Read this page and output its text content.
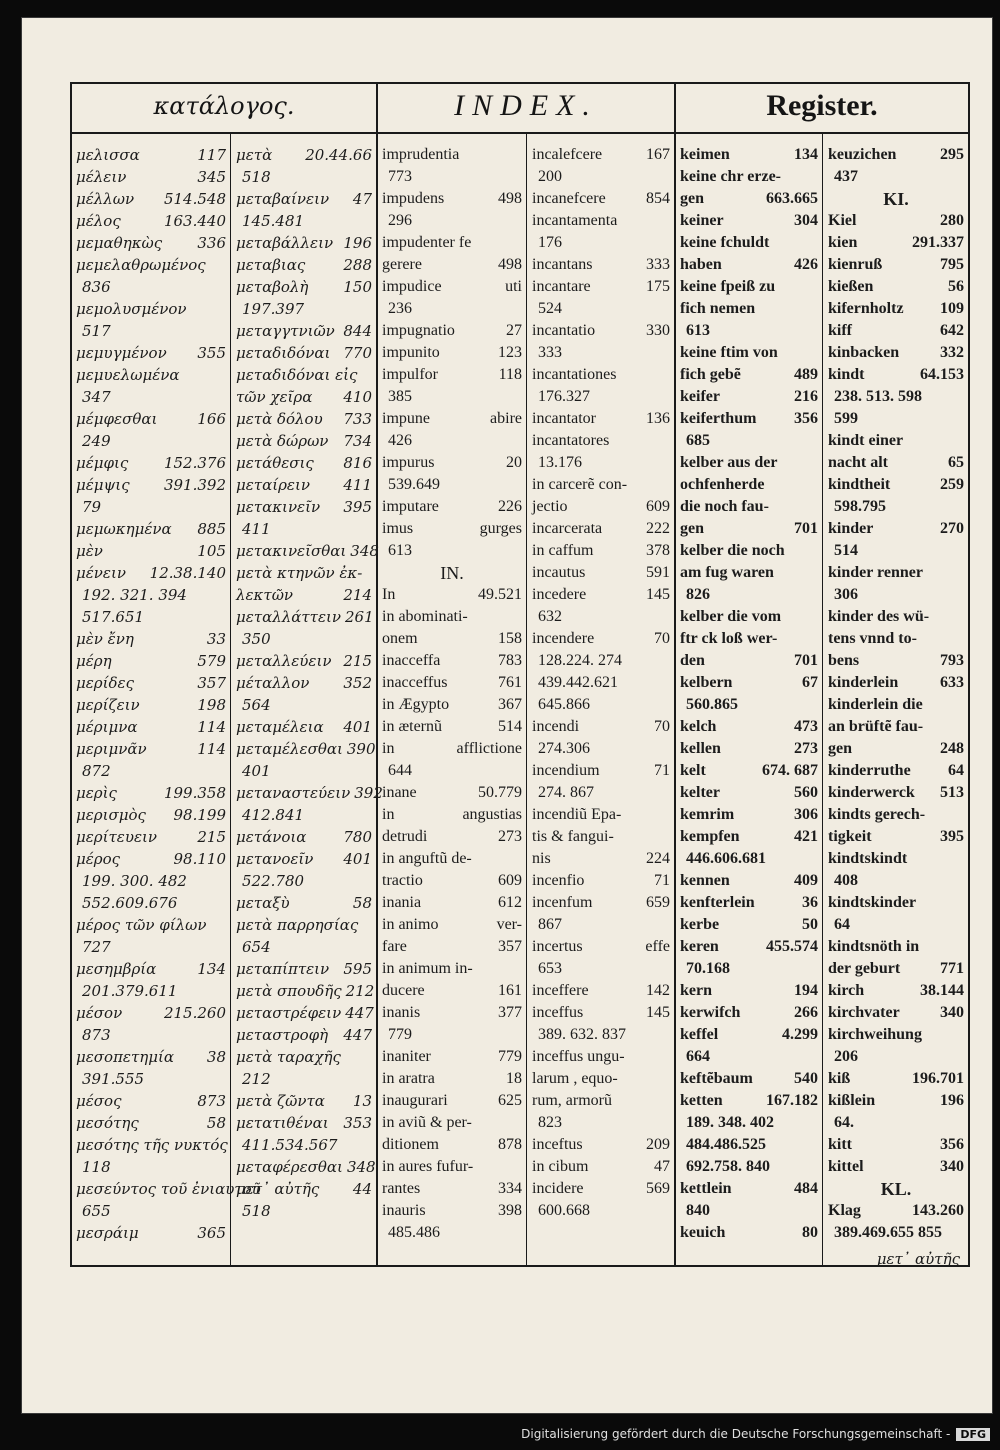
κατάλογος.	INDEX.	Register.
μελισσα	117
μέλειν	345
μέλλων 514.548
μέλος	163.440
μεμαθηκὼς 336
μεμελαθρωμένος
836
μεμολυσμένον
517
μεμυγμένον 355
μεμυελωμένα
347
μέμφεσθαι	166
249
μέμφις 152.376
μέμψις 391.392
79
μεμωκημένα 885
μὲν	105
μένειν 12.38.140
192. 321. 394
517.651
μὲν ἔνη	33
μέρη	579
μερίδες	357
μερίζειν	198
μέριμνα	114
μεριμνᾶν	114
872
μερὶς	199.358
μερισμὸς 98.199
μερίτευειν	215
μέρος	98.110
199. 300. 482
552.609.676
μέρος τῶν φίλων
727
μεσημβρία	134
201.379.611
μέσον	215.260
873
μεσοπετημία 38
391.555
μέσος	873
μεσότης	58
μεσότης τῆς νυκτός
118
μεσεύντος τοῦ ἐνιαυτοῦ
655
μεσράιμ	365
μετὰ 20.44.66
518
μεταβαίνειν 47
145.481
μεταβάλλειν 196
μεταβιας	288
μεταβολὴ 150
197.397
μεταγγτνιῶν 844
μεταδιδόναι 770
μεταδιδόναι εἰς
τῶν χεῖρα 410
μετὰ δόλου 733
μετὰ δώρων 734
μετάθεσις 816
μεταίρειν 411
μετακινεῖν 395
411
μετακινεῖσθαι 348
μετὰ κτηνῶν ἐκ-
λεκτῶν	214
μεταλλάττειν 261
350
μεταλλεύειν 215
μέταλλον 352
564
μεταμέλεια 401
μεταμέλεσθαι 390
401
μεταναστεύειν 392
412.841
μετάνοια 780
μετανοεῖν 401
522.780
μεταξὺ	58
μετὰ παρρησίας
654
μεταπίπτειν 595
μετὰ σπουδῆς 212
μεταστρέφειν 447
μεταστροφὴ 447
μετὰ ταραχῆς
212
μετὰ ζῶντα 13
μετατιθέναι 353
411.534.567
μεταφέρεσθαι 348
μετ᾽ αὐτῆς 44
518
imprudentia
773
impudens	498
296
impudenter fe
gerere	498
impudice	uti
236
impugnatio	27
impunito	123
impulfor	118
385
impune	abire
426
impurus	20
539.649
imputare	226
imus	gurges
613
IN.
In	49.521
in abominati-
onem	158
inacceffa	783
inacceffus	761
in Ægypto	367
in æternũ	514
in	afflictione
644
inane	50.779
in	angustias
detrudi	273
in anguftũ de-
tractio	609
inania	612
in animo	ver-
fare	357
in animum in-
ducere	161
inanis	377
779
inaniter	779
in aratra	18
inaugurari	625
in aviũ & per-
ditionem	878
in aures fufur-
rantes	334
inauris	398
485.486
incalefcere	167
200
incanefcere	854
incantamenta
176
incantans	333
incantare	175
524
incantatio	330
333
incantationes
176.327
incantator	136
incantatores
13.176
in carcerẽ con-
jectio	609
incarcerata	222
in caffum	378
incautus	591
incedere	145
632
incendere	70
128.224. 274
439.442.621
645.866
incendi	70
274.306
incendium	71
274. 867
incendiũ Epa-
tis & fangui-
nis	224
incenfio	71
incenfum	659
867
incertus	effe
653
inceffere	142
inceffus	145
389. 632. 837
inceffus ungu-
larum , equo-
rum, armorũ
823
inceftus	209
in cibum	47
incidere	569
600.668
keimen	134
keine chr erze-
gen	663.665
keiner	304
keine fchuldt
haben	426
keine fpeiß zu
fich nemen
613
keine ftim von
fich gebẽ	489
keifer	216
keiferthum 356
685
kelber aus der
ochfenherde
die noch fau-
gen	701
kelber die noch
am fug waren
826
kelber die vom
ftr ck loß wer-
den	701
kelbern	67
560.865
kelch	473
kellen	273
kelt	674. 687
kelter	560
kemrim	306
kempfen	421
446.606.681
kennen	409
kenfterlein	36
kerbe	50
keren	455.574
70.168
kern	194
kerwifch	266
keffel	4.299
664
keftẽbaum	540
ketten	167.182
189. 348. 402
484.486.525
692.758. 840
kettlein	484
840
keuich	80
keuzichen	295
437
KI.
Kiel	280
kien	291.337
kienruß	795
kießen	56
kifernholtz 109
kiff	642
kinbacken	332
kindt	64.153
238. 513. 598
599
kindt einer
nacht alt	65
kindtheit	259
598.795
kinder	270
514
kinder renner
306
kinder des wü-
tens vnnd to-
bens	793
kinderlein	633
kinderlein die
an brüftẽ fau-
gen	248
kinderruthe 64
kinderwerck 513
kindts gerech-
tigkeit	395
kindtskindt
408
kindtskinder
64
kindtsnöth in
der geburt 771
kirch	38.144
kirchvater	340
kirchweihung
206
kiß	196.701
kißlein	196
64.
kitt	356
kittel	340
KL.
Klag	143.260
389.469.655 855
μετ᾽ αὐτῆς
Digitalisierung gefördert durch die Deutsche Forschungsgemeinschaft - DFG
